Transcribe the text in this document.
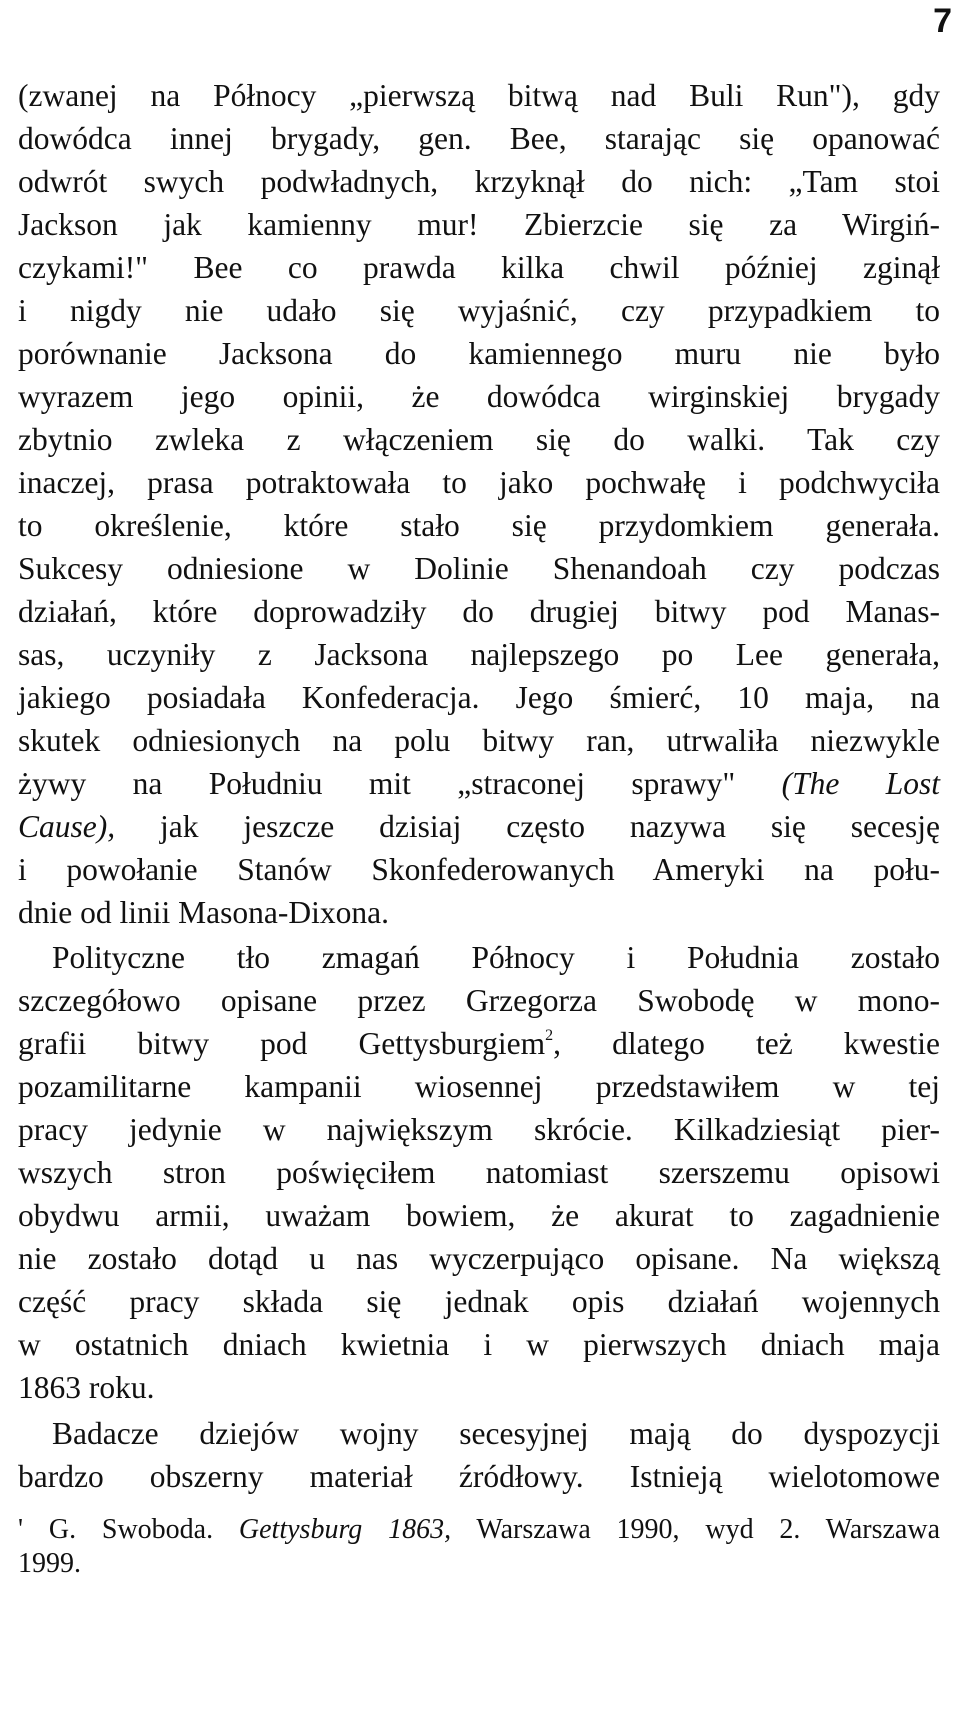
7
(zwanej na Północy „pierwszą bitwą nad Buli Run"), gdy
dowódca innej brygady, gen. Bee, starając się opanować
odwrót swych podwładnych, krzyknął do nich: „Tam stoi
Jackson jak kamienny mur! Zbierzcie się za Wirgiń-
czykami!" Bee co prawda kilka chwil później zginął
i nigdy nie udało się wyjaśnić, czy przypadkiem to
porównanie Jacksona do kamiennego muru nie było
wyrazem jego opinii, że dowódca wirginskiej brygady
zbytnio zwleka z włączeniem się do walki. Tak czy
inaczej, prasa potraktowała to jako pochwałę i podchwyciła
to określenie, które stało się przydomkiem generała.
Sukcesy odniesione w Dolinie Shenandoah czy podczas
działań, które doprowadziły do drugiej bitwy pod Manas-
sas, uczyniły z Jacksona najlepszego po Lee generała,
jakiego posiadała Konfederacja. Jego śmierć, 10 maja, na
skutek odniesionych na polu bitwy ran, utrwaliła niezwykle
żywy na Południu mit „straconej sprawy" (The Lost
Cause), jak jeszcze dzisiaj często nazywa się secesję
i powołanie Stanów Skonfederowanych Ameryki na połu-
dnie od linii Masona-Dixona.
Polityczne tło zmagań Północy i Południa zostało
szczegółowo opisane przez Grzegorza Swobodę w mono-
grafii bitwy pod Gettysburgiem$^2$, dlatego też kwestie
pozamilitarne kampanii wiosennej przedstawiłem w tej
pracy jedynie w największym skrócie. Kilkadziesiąt pier-
wszych stron poświęciłem natomiast szerszemu opisowi
obydwu armii, uważam bowiem, że akurat to zagadnienie
nie zostało dotąd u nas wyczerpująco opisane. Na większą
część pracy składa się jednak opis działań wojennych
w ostatnich dniach kwietnia i w pierwszych dniach maja
1863 roku.
Badacze dziejów wojny secesyjnej mają do dyspozycji
bardzo obszerny materiał źródłowy. Istnieją wielotomowe
' G. Swoboda. Gettysburg 1863, Warszawa 1990, wyd 2. Warszawa
1999.
